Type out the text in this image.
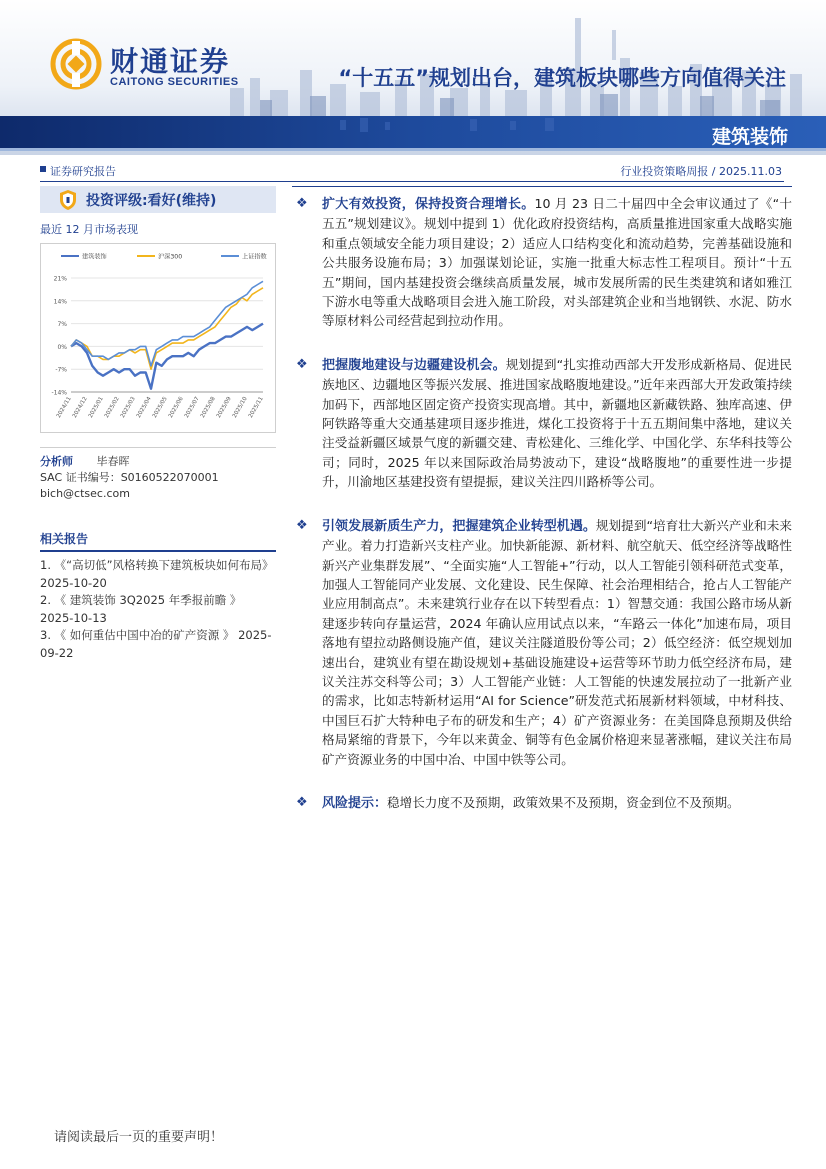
财通证券
CAITONG SECURITIES	“十五五”规划出台，建筑板块哪些方向值得关注
建筑装饰
证券研究报告	行业投资策略周报 / 2025.11.03
投资评级:看好(维持)
最近 12 月市场表现
21%
14%
7%
0%
-7%
-14%
2024/11 2024/12 2025/01 2025/02 2025/03 2025/04 2025/05 2025/06 2025/07 2025/08 2025/09 2025/10 2025/11
建筑装饰	沪深300	上证指数
分析师 毕春晖
SAC 证书编号：S0160522070001
bich@ctsec.com
相关报告
1. 《“高切低”风格转换下建筑板块如何布局》　2025-10-20
2. 《 建筑装饰 3Q2025 年季报前瞻 》 2025-10-13
3. 《 如何重估中国中冶的矿产资源 》 2025-09-22
❖ 扩大有效投资，保持投资合理增长。10 月 23 日二十届四中全会审议通过了《“十五五”规划建议》。规划中提到 1）优化政府投资结构，高质量推进国家重大战略实施和重点领域安全能力项目建设；2）适应人口结构变化和流动趋势，完善基础设施和公共服务设施布局；3）加强谋划论证，实施一批重大标志性工程项目。预计“十五五”期间，国内基建投资会继续高质量发展，城市发展所需的民生类建筑和诸如雅江下游水电等重大战略项目会进入施工阶段，对头部建筑企业和当地钢铁、水泥、防水等原材料公司经营起到拉动作用。
❖ 把握腹地建设与边疆建设机会。规划提到“扎实推动西部大开发形成新格局、促进民族地区、边疆地区等振兴发展、推进国家战略腹地建设。”近年来西部大开发政策持续加码下，西部地区固定资产投资实现高增。其中，新疆地区新藏铁路、独库高速、伊阿铁路等重大交通基建项目逐步推进，煤化工投资将于十五五期间集中落地，建议关注受益新疆区域景气度的新疆交建、青松建化、三维化学、中国化学、东华科技等公司；同时，2025 年以来国际政治局势波动下，建设“战略腹地”的重要性进一步提升，川渝地区基建投资有望提振，建议关注四川路桥等公司。
❖ 引领发展新质生产力，把握建筑企业转型机遇。规划提到“培育壮大新兴产业和未来产业。着力打造新兴支柱产业。加快新能源、新材料、航空航天、低空经济等战略性新兴产业集群发展”、“全面实施“人工智能+”行动，以人工智能引领科研范式变革，加强人工智能同产业发展、文化建设、民生保障、社会治理相结合，抢占人工智能产业应用制高点”。未来建筑行业存在以下转型看点：1）智慧交通：我国公路市场从新建逐步转向存量运营，2024 年确认应用试点以来，“车路云一体化”加速布局，项目落地有望拉动路侧设施产值，建议关注隧道股份等公司；2）低空经济：低空规划加速出台，建筑业有望在勘设规划+基础设施建设+运营等环节助力低空经济布局，建议关注苏交科等公司；3）人工智能产业链：人工智能的快速发展拉动了一批新产业的需求，比如志特新材运用“AI for Science”研发范式拓展新材料领域，中材科技、中国巨石扩大特种电子布的研发和生产；4）矿产资源业务：在美国降息预期及供给格局紧缩的背景下，今年以来黄金、铜等有色金属价格迎来显著涨幅，建议关注布局矿产资源业务的中国中冶、中国中铁等公司。
❖ 风险提示：稳增长力度不及预期，政策效果不及预期，资金到位不及预期。
请阅读最后一页的重要声明！
